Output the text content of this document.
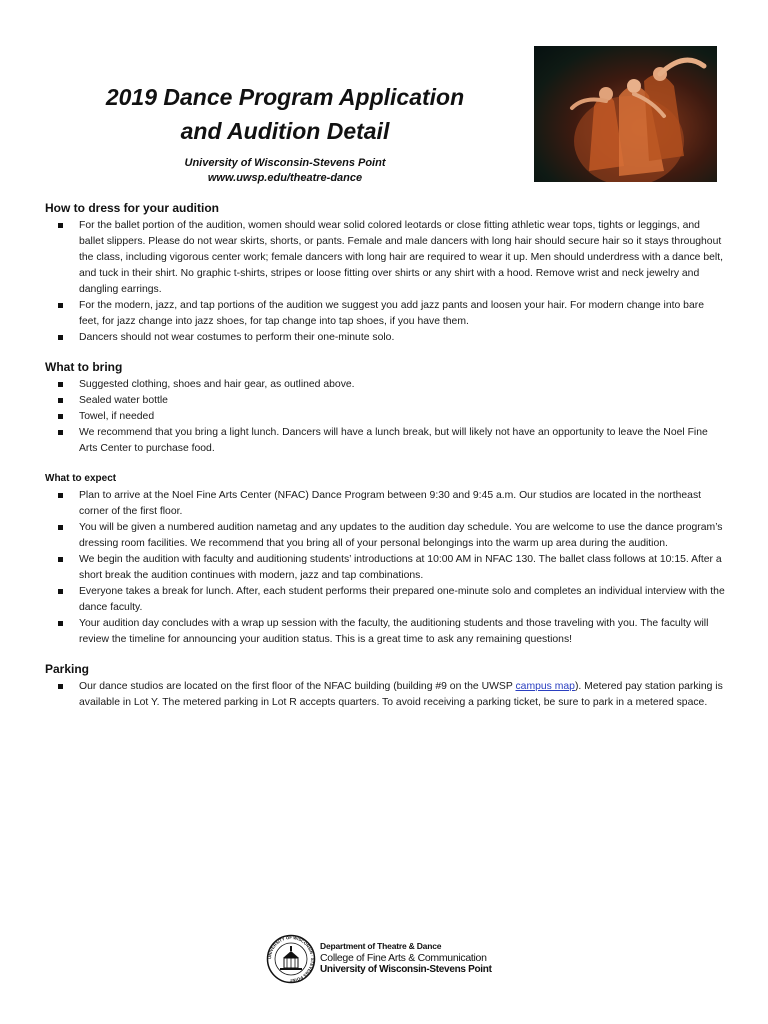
2019 Dance Program Application

and Audition Detail

University of Wisconsin-Stevens Point

www.uwsp.edu/theatre-dance

How to dress for your audition

For the ballet portion of the audition, women should wear solid colored leotards or close fitting athletic wear tops, tights or leggings, and ballet slippers. Please do not wear skirts, shorts, or pants. Female and male dancers with long hair should secure hair so it stays throughout the class, including vigorous center work; female dancers with long hair are required to wear it up. Men should underdress with a dance belt, and tuck in their shirt. No graphic t-shirts, stripes or loose fitting over shirts or any shirt with a hood. Remove wrist and neck jewelry and dangling earrings.
For the modern, jazz, and tap portions of the audition we suggest you add jazz pants and loosen your hair. For modern change into bare feet, for jazz change into jazz shoes, for tap change into tap shoes, if you have them.
Dancers should not wear costumes to perform their one-minute solo.

What to bring

Suggested clothing, shoes and hair gear, as outlined above.
Sealed water bottle
Towel, if needed
We recommend that you bring a light lunch. Dancers will have a lunch break, but will likely not have an opportunity to leave the Noel Fine Arts Center to purchase food.

What to expect

Plan to arrive at the Noel Fine Arts Center (NFAC) Dance Program between 9:30 and 9:45 a.m. Our studios are located in the northeast corner of the first floor.
You will be given a numbered audition nametag and any updates to the audition day schedule. You are welcome to use the dance program’s dressing room facilities. We recommend that you bring all of your personal belongings into the warm up area during the audition.
We begin the audition with faculty and auditioning students’ introductions at 10:00 AM in NFAC 130. The ballet class follows at 10:15. After a short break the audition continues with modern, jazz and tap combinations.
Everyone takes a break for lunch. After, each student performs their prepared one-minute solo and completes an individual interview with the dance faculty.
Your audition day concludes with a wrap up session with the faculty, the auditioning students and those traveling with you. The faculty will review the timeline for announcing your audition status. This is a great time to ask any remaining questions!

Parking

Our dance studios are located on the first floor of the NFAC building (building #9 on the UWSP campus map). Metered pay station parking is available in Lot Y. The metered parking in Lot R accepts quarters. To avoid receiving a parking ticket, be sure to park in a metered space.
UNIVERSITY OF WISCONSIN · STEVENS POINT
Department of Theatre & Dance
College of Fine Arts & Communication
University of Wisconsin-Stevens Point
